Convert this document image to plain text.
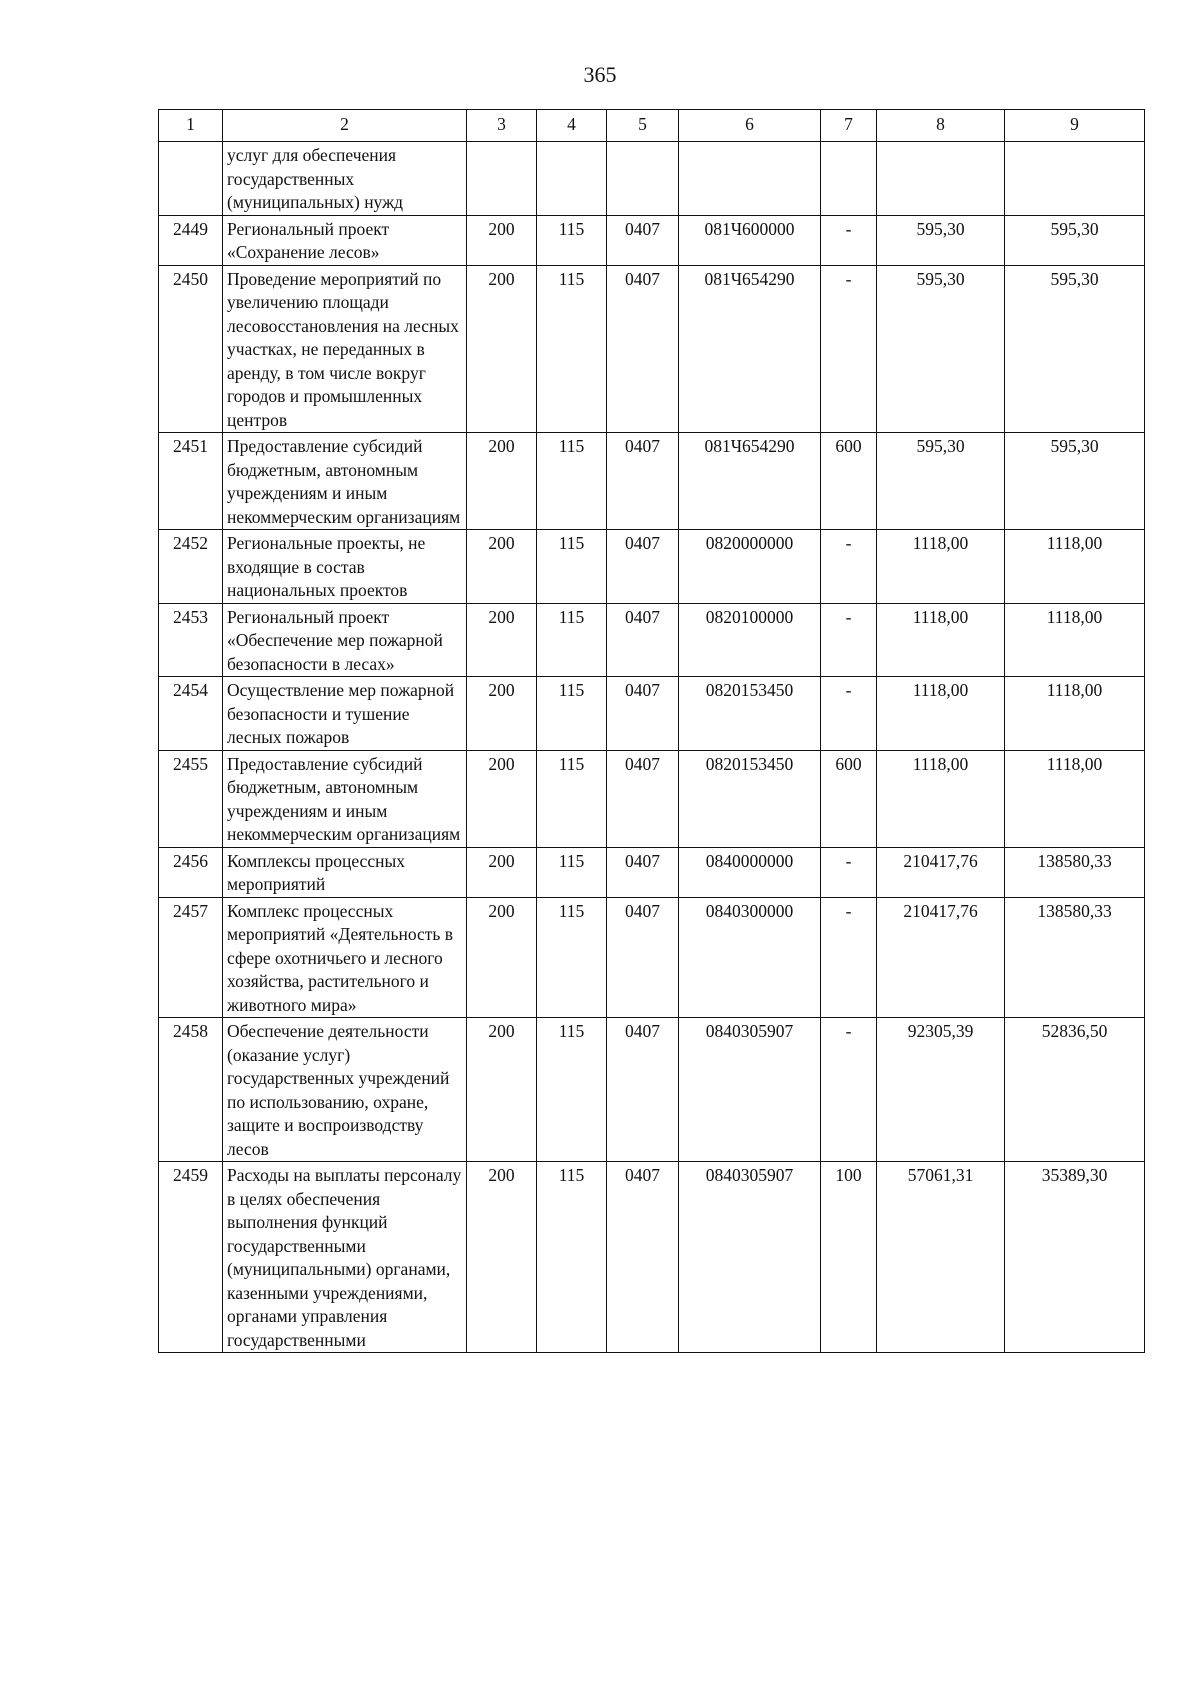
365
1	2	3	4	5	6	7	8	9
	услуг для обеспечения государственных (муниципальных) нужд							
2449	Региональный проект «Сохранение лесов»	200	115	0407	081Ч600000	-	595,30	595,30
2450	Проведение мероприятий по увеличению площади лесовосстановления на лесных участках, не переданных в аренду, в том числе вокруг городов и промышленных центров	200	115	0407	081Ч654290	-	595,30	595,30
2451	Предоставление субсидий бюджетным, автономным учреждениям и иным некоммерческим организациям	200	115	0407	081Ч654290	600	595,30	595,30
2452	Региональные проекты, не входящие в состав национальных проектов	200	115	0407	0820000000	-	1118,00	1118,00
2453	Региональный проект «Обеспечение мер пожарной безопасности в лесах»	200	115	0407	0820100000	-	1118,00	1118,00
2454	Осуществление мер пожарной безопасности и тушение лесных пожаров	200	115	0407	0820153450	-	1118,00	1118,00
2455	Предоставление субсидий бюджетным, автономным учреждениям и иным некоммерческим организациям	200	115	0407	0820153450	600	1118,00	1118,00
2456	Комплексы процессных мероприятий	200	115	0407	0840000000	-	210417,76	138580,33
2457	Комплекс процессных мероприятий «Деятельность в сфере охотничьего и лесного хозяйства, растительного и животного мира»	200	115	0407	0840300000	-	210417,76	138580,33
2458	Обеспечение деятельности (оказание услуг) государственных учреждений по использованию, охране, защите и воспроизводству лесов	200	115	0407	0840305907	-	92305,39	52836,50
2459	Расходы на выплаты персоналу в целях обеспечения выполнения функций государственными (муниципальными) органами, казенными учреждениями, органами управления государственными	200	115	0407	0840305907	100	57061,31	35389,30
